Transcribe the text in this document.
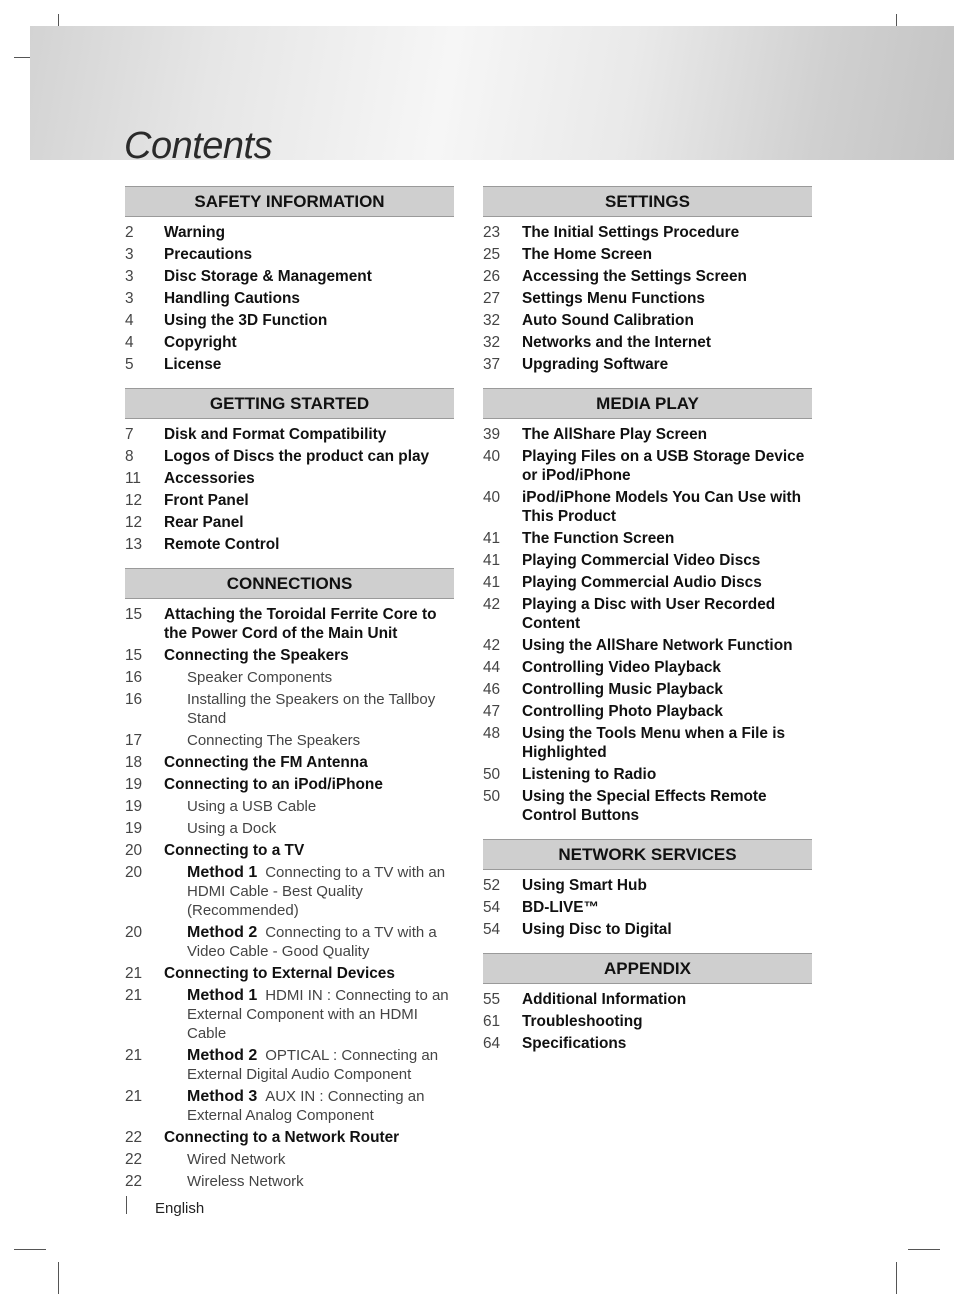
Contents
SAFETY INFORMATION
2	Warning
3	Precautions
3	Disc Storage & Management
3	Handling Cautions
4	Using the 3D Function
4	Copyright
5	License
GETTING STARTED
7	Disk and Format Compatibility
8	Logos of Discs the product can play
11	Accessories
12	Front Panel
12	Rear Panel
13	Remote Control
CONNECTIONS
15	Attaching the Toroidal Ferrite Core to the Power Cord of the Main Unit
15	Connecting the Speakers
16	Speaker Components
16	Installing the Speakers on the Tallboy Stand
17	Connecting The Speakers
18	Connecting the FM Antenna
19	Connecting to an iPod/iPhone
19	Using a USB Cable
19	Using a Dock
20	Connecting to a TV
20	Method 1 Connecting to a TV with an HDMI Cable - Best Quality (Recommended)
20	Method 2 Connecting to a TV with a Video Cable - Good Quality
21	Connecting to External Devices
21	Method 1 HDMI IN : Connecting to an External Component with an HDMI Cable
21	Method 2 OPTICAL : Connecting an External Digital Audio Component
21	Method 3 AUX IN : Connecting an External Analog Component
22	Connecting to a Network Router
22	Wired Network
22	Wireless Network
SETTINGS
23	The Initial Settings Procedure
25	The Home Screen
26	Accessing the Settings Screen
27	Settings Menu Functions
32	Auto Sound Calibration
32	Networks and the Internet
37	Upgrading Software
MEDIA PLAY
39	The AllShare Play Screen
40	Playing Files on a USB Storage Device or iPod/iPhone
40	iPod/iPhone Models You Can Use with This Product
41	The Function Screen
41	Playing Commercial Video Discs
41	Playing Commercial Audio Discs
42	Playing a Disc with User Recorded Content
42	Using the AllShare Network Function
44	Controlling Video Playback
46	Controlling Music Playback
47	Controlling Photo Playback
48	Using the Tools Menu when a File is Highlighted
50	Listening to Radio
50	Using the Special Effects Remote Control Buttons
NETWORK SERVICES
52	Using Smart Hub
54	BD-LIVE™
54	Using Disc to Digital
APPENDIX
55	Additional Information
61	Troubleshooting
64	Specifications
English
